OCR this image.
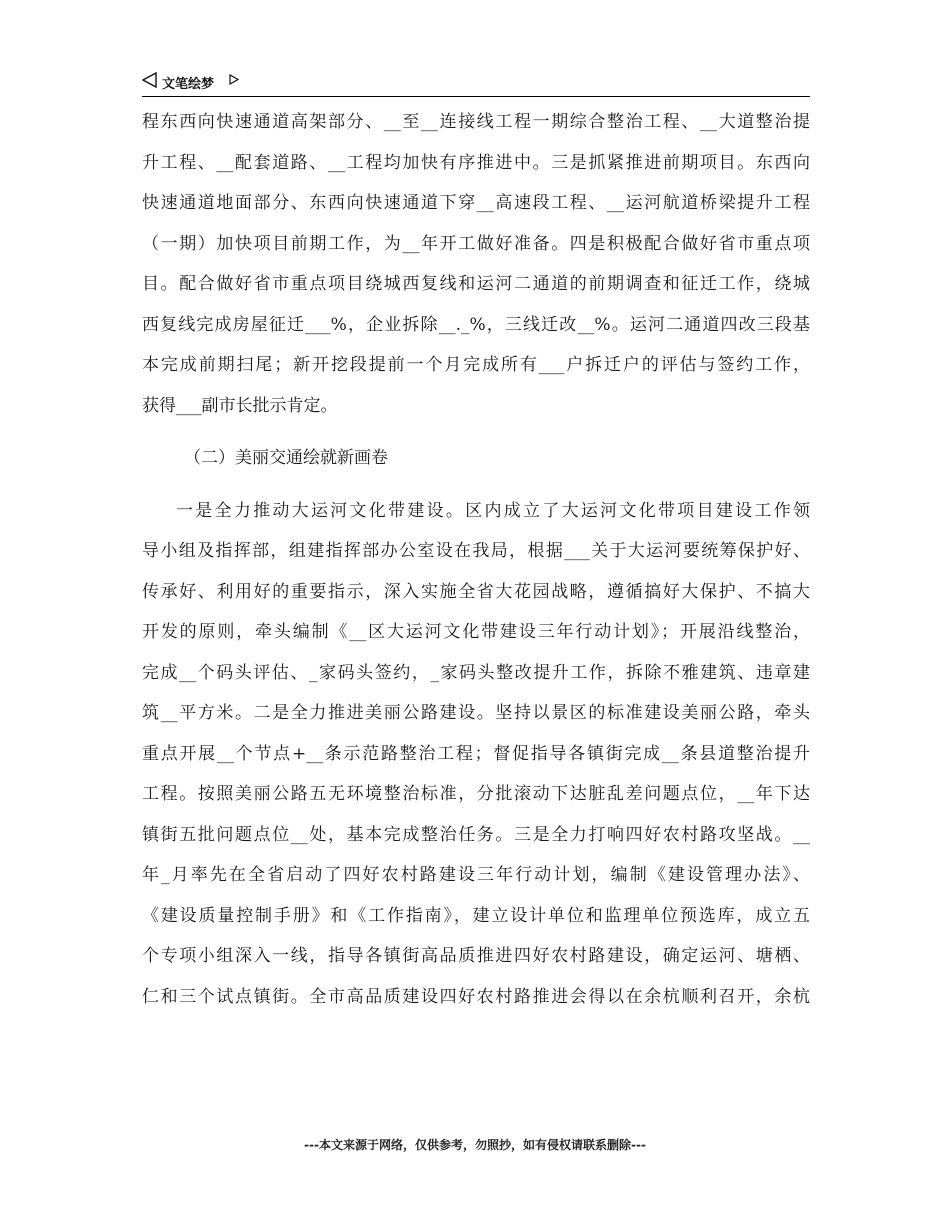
文笔绘梦
程东西向快速通道高架部分、__至__连接线工程一期综合整治工程、__大道整治提
升工程、__配套道路、__工程均加快有序推进中。三是抓紧推进前期项目。东西向
快速通道地面部分、东西向快速通道下穿__高速段工程、__运河航道桥梁提升工程
（一期）加快项目前期工作，为__年开工做好准备。四是积极配合做好省市重点项
目。配合做好省市重点项目绕城西复线和运河二通道的前期调查和征迁工作，绕城
西复线完成房屋征迁___%，企业拆除__._%，三线迁改__%。运河二通道四改三段基
本完成前期扫尾；新开挖段提前一个月完成所有___户拆迁户的评估与签约工作，
获得___副市长批示肯定。
（二）美丽交通绘就新画卷
一是全力推动大运河文化带建设。区内成立了大运河文化带项目建设工作领
导小组及指挥部，组建指挥部办公室设在我局，根据___关于大运河要统筹保护好、
传承好、利用好的重要指示，深入实施全省大花园战略，遵循搞好大保护、不搞大
开发的原则，牵头编制《__区大运河文化带建设三年行动计划》；开展沿线整治，
完成__个码头评估、_家码头签约，_家码头整改提升工作，拆除不雅建筑、违章建
筑__平方米。二是全力推进美丽公路建设。坚持以景区的标准建设美丽公路，牵头
重点开展__个节点+__条示范路整治工程；督促指导各镇街完成__条县道整治提升
工程。按照美丽公路五无环境整治标准，分批滚动下达脏乱差问题点位，__年下达
镇街五批问题点位__处，基本完成整治任务。三是全力打响四好农村路攻坚战。__
年_月率先在全省启动了四好农村路建设三年行动计划，编制《建设管理办法》、
《建设质量控制手册》和《工作指南》，建立设计单位和监理单位预选库，成立五
个专项小组深入一线，指导各镇街高品质推进四好农村路建设，确定运河、塘栖、
仁和三个试点镇街。全市高品质建设四好农村路推进会得以在余杭顺利召开，余杭
---本文来源于网络，仅供参考，勿照抄，如有侵权请联系删除---
